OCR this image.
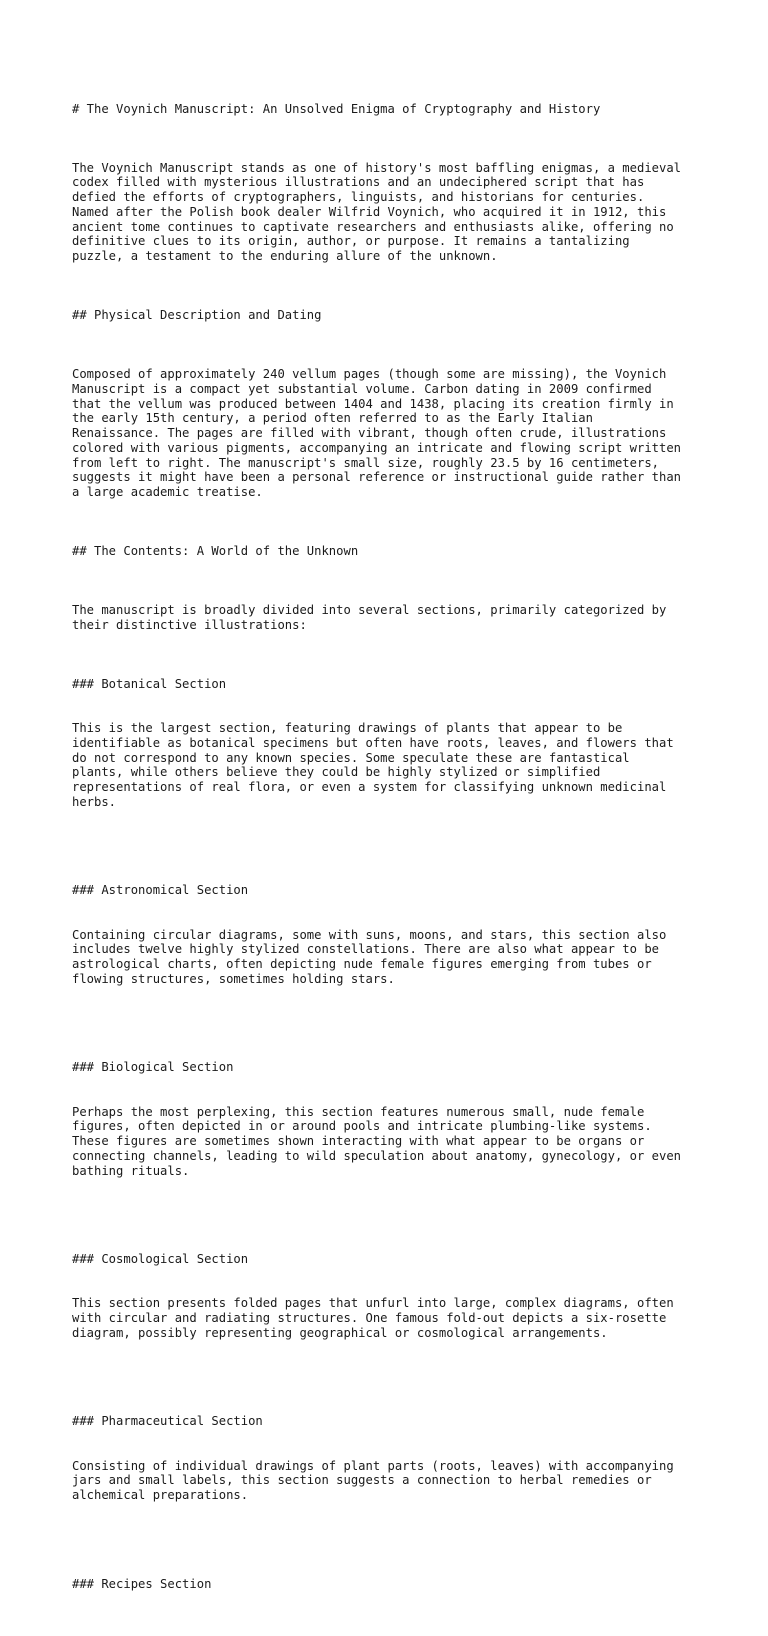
# The Voynich Manuscript: An Unsolved Enigma of Cryptography and History

The Voynich Manuscript stands as one of history's most baffling enigmas, a medieval
codex filled with mysterious illustrations and an undeciphered script that has
defied the efforts of cryptographers, linguists, and historians for centuries.
Named after the Polish book dealer Wilfrid Voynich, who acquired it in 1912, this
ancient tome continues to captivate researchers and enthusiasts alike, offering no
definitive clues to its origin, author, or purpose. It remains a tantalizing
puzzle, a testament to the enduring allure of the unknown.

## Physical Description and Dating

Composed of approximately 240 vellum pages (though some are missing), the Voynich
Manuscript is a compact yet substantial volume. Carbon dating in 2009 confirmed
that the vellum was produced between 1404 and 1438, placing its creation firmly in
the early 15th century, a period often referred to as the Early Italian
Renaissance. The pages are filled with vibrant, though often crude, illustrations
colored with various pigments, accompanying an intricate and flowing script written
from left to right. The manuscript's small size, roughly 23.5 by 16 centimeters,
suggests it might have been a personal reference or instructional guide rather than
a large academic treatise.

## The Contents: A World of the Unknown

The manuscript is broadly divided into several sections, primarily categorized by
their distinctive illustrations:

### Botanical Section

This is the largest section, featuring drawings of plants that appear to be
identifiable as botanical specimens but often have roots, leaves, and flowers that
do not correspond to any known species. Some speculate these are fantastical
plants, while others believe they could be highly stylized or simplified
representations of real flora, or even a system for classifying unknown medicinal
herbs.

### Astronomical Section

Containing circular diagrams, some with suns, moons, and stars, this section also
includes twelve highly stylized constellations. There are also what appear to be
astrological charts, often depicting nude female figures emerging from tubes or
flowing structures, sometimes holding stars.

### Biological Section

Perhaps the most perplexing, this section features numerous small, nude female
figures, often depicted in or around pools and intricate plumbing-like systems.
These figures are sometimes shown interacting with what appear to be organs or
connecting channels, leading to wild speculation about anatomy, gynecology, or even
bathing rituals.

### Cosmological Section

This section presents folded pages that unfurl into large, complex diagrams, often
with circular and radiating structures. One famous fold-out depicts a six-rosette
diagram, possibly representing geographical or cosmological arrangements.

### Pharmaceutical Section

Consisting of individual drawings of plant parts (roots, leaves) with accompanying
jars and small labels, this section suggests a connection to herbal remedies or
alchemical preparations.

### Recipes Section
